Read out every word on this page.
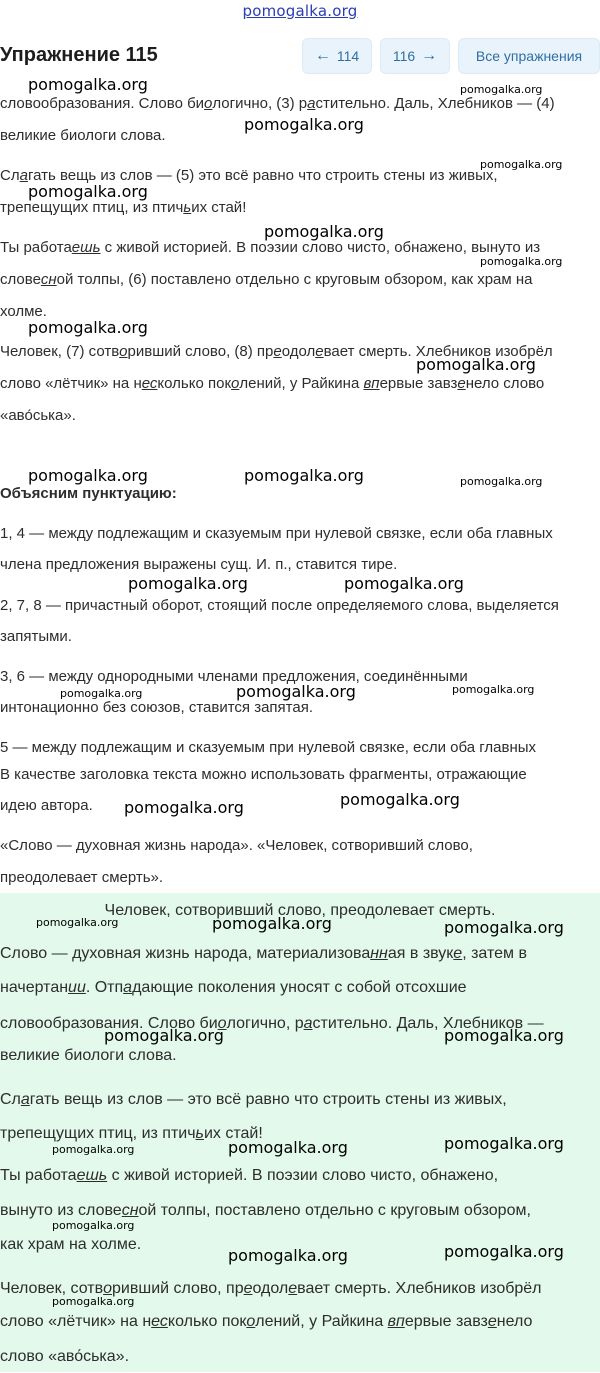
pomogalka.org
Упражнение 115	← 114 116 →	Все упражнения

словообразования. Слово биологично, (3) растительно. Даль, Хлебников — (4)

великие биологи слова.

Слагать вещь из слов — (5) это всё равно что строить стены из живых,

трепещущих птиц, из птичьих стай!

Ты работаешь с живой историей. В поэзии слово чисто, обнажено, вынуто из

словесной толпы, (6) поставлено отдельно с круговым обзором, как храм на

холме.

Человек, (7) сотворивший слово, (8) преодолевает смерть. Хлебников изобрёл

слово «лётчик» на несколько поколений, у Райкина впервые завзенело слово

«аво́ська».

Объясним пунктуацию:

1, 4 — между подлежащим и сказуемым при нулевой связке, если оба главных

члена предложения выражены сущ. И. п., ставится тире.

2, 7, 8 — причастный оборот, стоящий после определяемого слова, выделяется

запятыми.

3, 6 — между однородными членами предложения, соединёнными

интонационно без союзов, ставится запятая.

5 — между подлежащим и сказуемым при нулевой связке, если оба главных

В качестве заголовка текста можно использовать фрагменты, отражающие

идею автора.

«Слово — духовная жизнь народа». «Человек, сотворивший слово,

преодолевает смерть».

Человек, сотворивший слово, преодолевает смерть.

Слово — духовная жизнь народа, материализованная в звуке, затем в

начертании. Отпадающие поколения уносят с собой отсохшие

словообразования. Слово биологично, растительно. Даль, Хлебников —

великие биологи слова.

Слагать вещь из слов — это всё равно что строить стены из живых,

трепещущих птиц, из птичьих стай!

Ты работаешь с живой историей. В поэзии слово чисто, обнажено,

вынуто из словесной толпы, поставлено отдельно с круговым обзором,

как храм на холме.

Человек, сотворивший слово, преодолевает смерть. Хлебников изобрёл

слово «лётчик» на несколько поколений, у Райкина впервые завзенело

слово «аво́ська».

pomogalka.org	pomogalka.org
pomogalka.org
pomogalka.org
pomogalka.org
pomogalka.org
pomogalka.org
pomogalka.org
pomogalka.org
pomogalka.org	pomogalka.org	pomogalka.org
pomogalka.org	pomogalka.org
pomogalka.org	pomogalka.org	pomogalka.org
pomogalka.org
pomogalka.org
pomogalka.org	pomogalka.org	pomogalka.org
pomogalka.org	pomogalka.org
pomogalka.org	pomogalka.org	pomogalka.org
pomogalka.org
pomogalka.org	pomogalka.org
pomogalka.org
